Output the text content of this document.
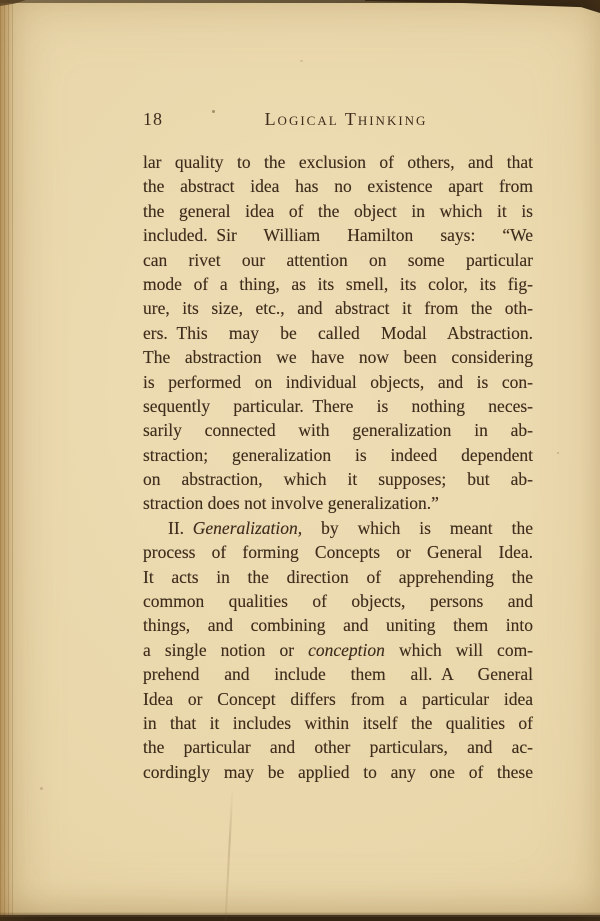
18	Logical Thinking
lar quality to the exclusion of others, and that
the abstract idea has no existence apart from
the general idea of the object in which it is
included. Sir William Hamilton says: “We
can rivet our attention on some particular
mode of a thing, as its smell, its color, its fig-
ure, its size, etc., and abstract it from the oth-
ers. This may be called Modal Abstraction.
The abstraction we have now been considering
is performed on individual objects, and is con-
sequently particular. There is nothing neces-
sarily connected with generalization in ab-
straction; generalization is indeed dependent
on abstraction, which it supposes; but ab-
straction does not involve generalization.”
II. Generalization, by which is meant the
process of forming Concepts or General Idea.
It acts in the direction of apprehending the
common qualities of objects, persons and
things, and combining and uniting them into
a single notion or conception which will com-
prehend and include them all. A General
Idea or Concept differs from a particular idea
in that it includes within itself the qualities of
the particular and other particulars, and ac-
cordingly may be applied to any one of these
